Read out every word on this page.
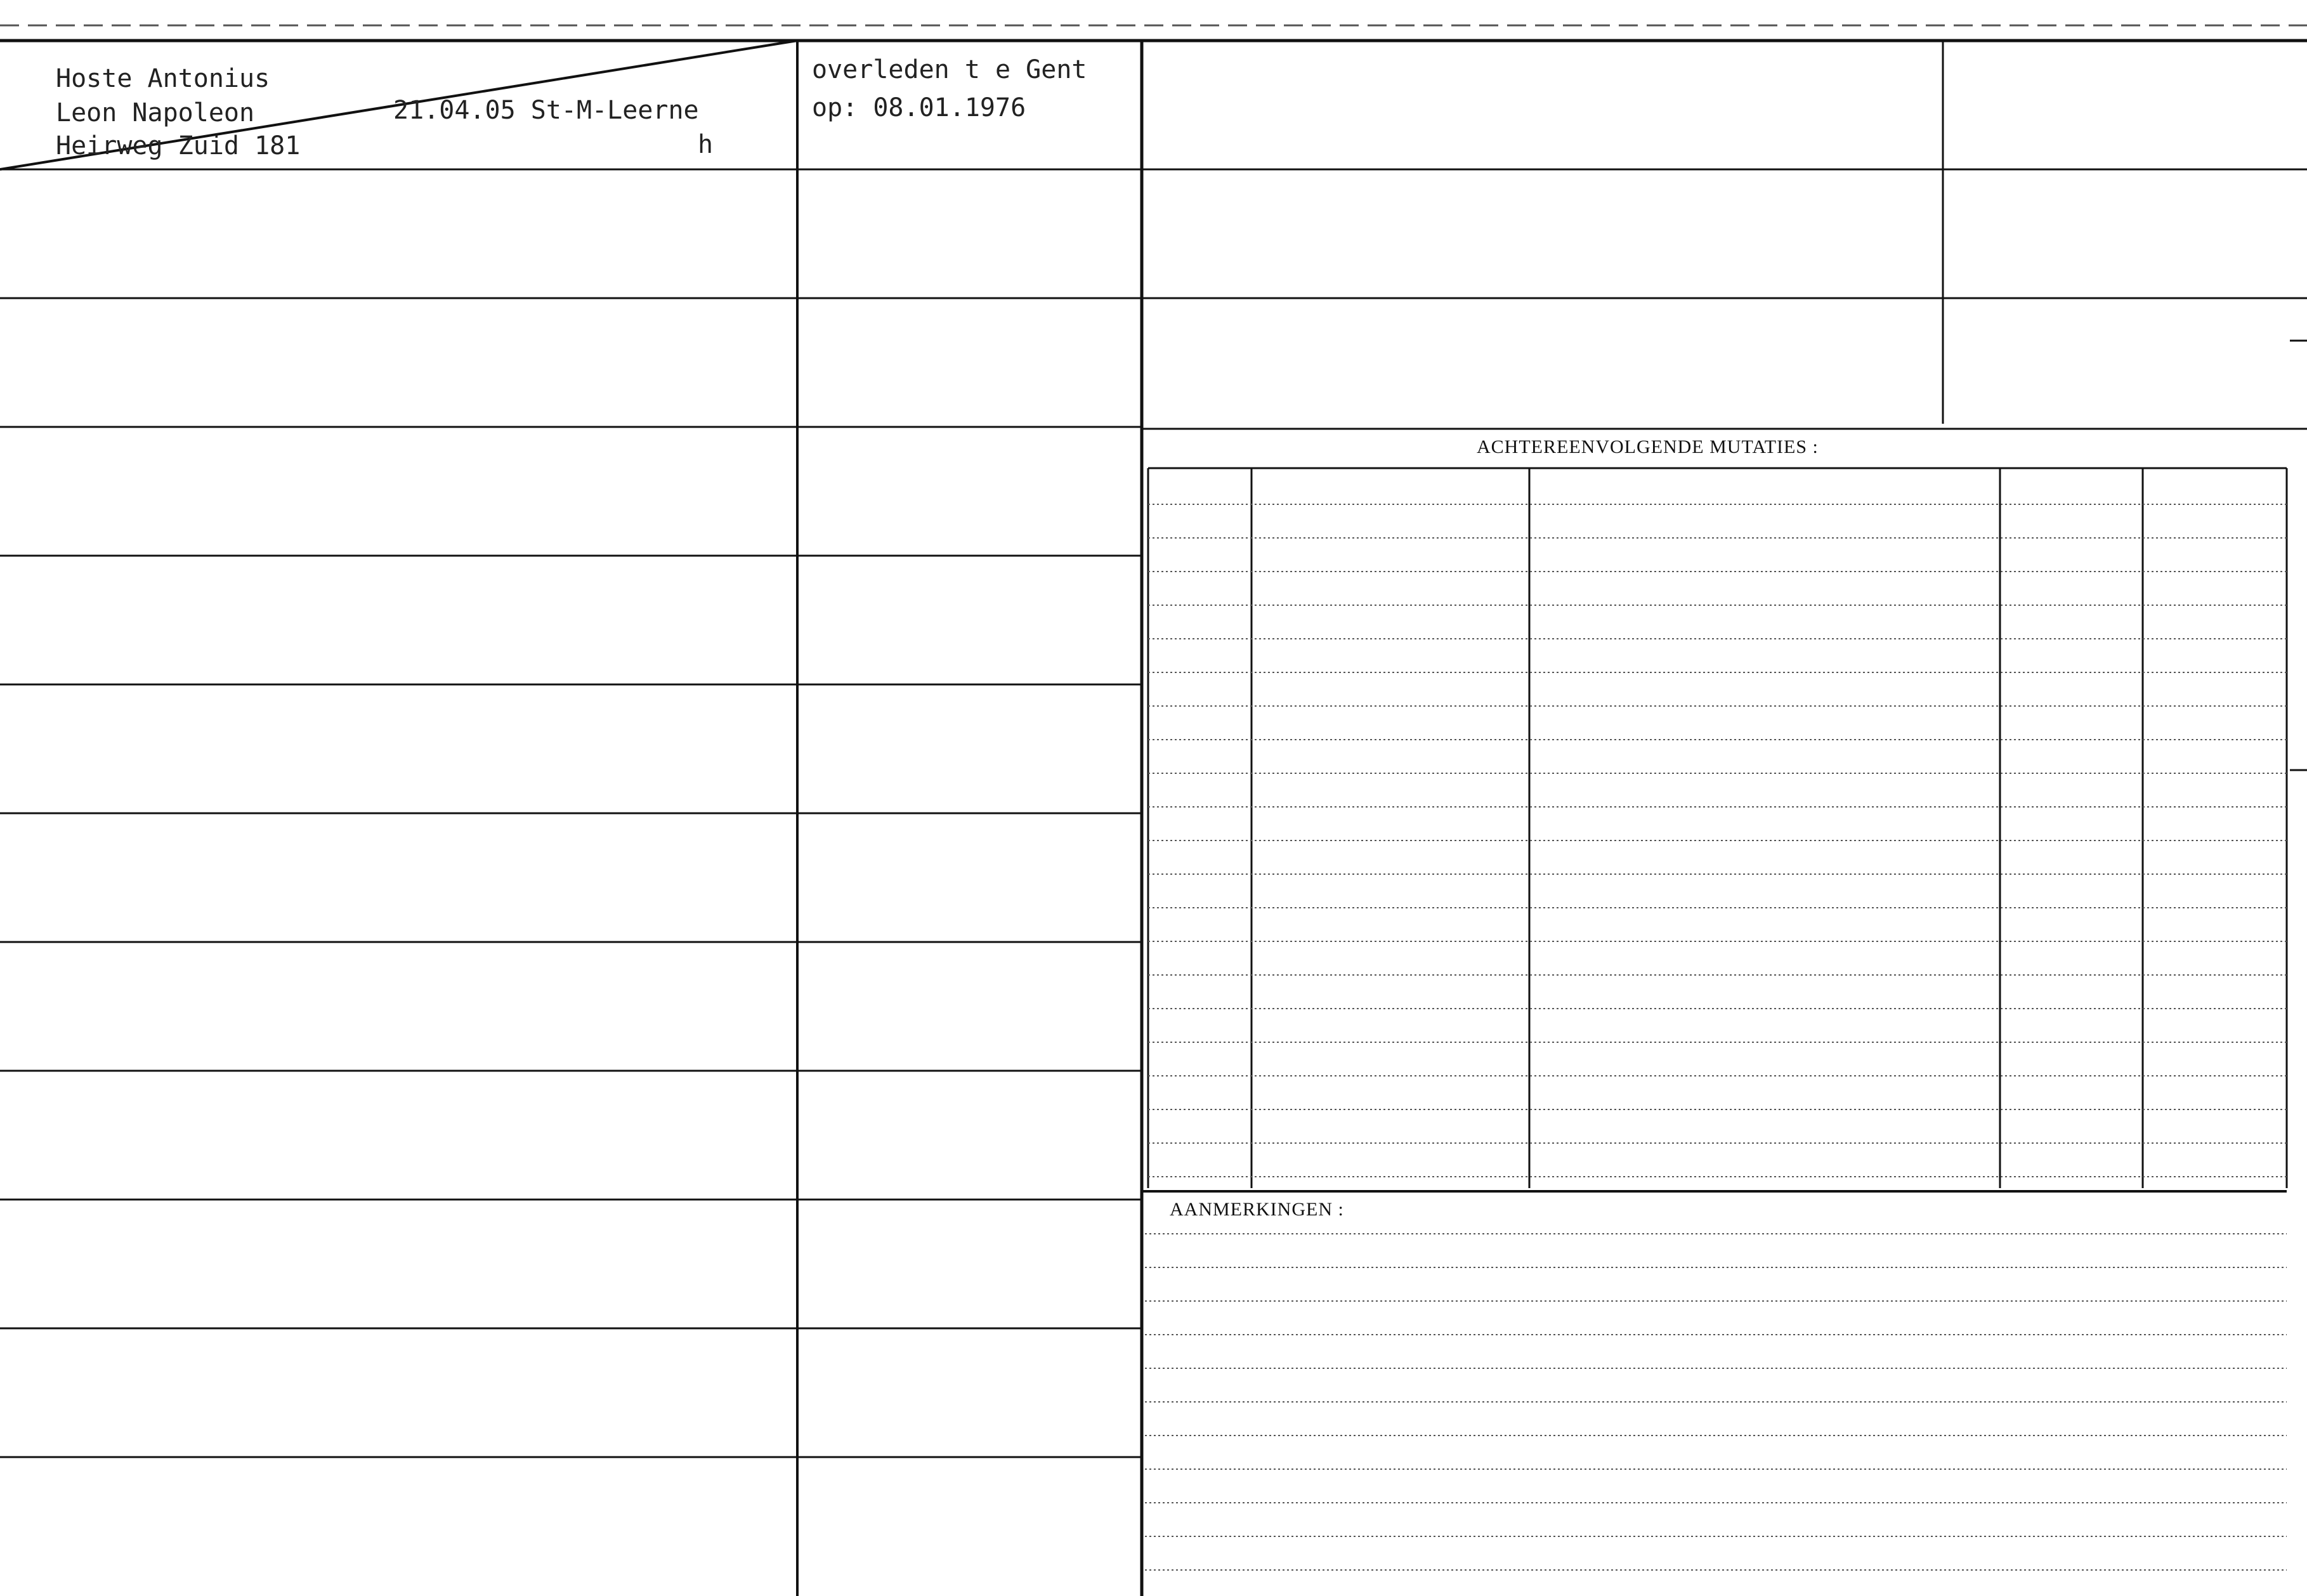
Hoste Antonius
Leon Napoleon	21.04.05 St-M-Leerne
Heirweg Zuid 181	h
overleden t e Gent
op: 08.01.1976
ACHTEREENVOLGENDE MUTATIES :
AANMERKINGEN :
